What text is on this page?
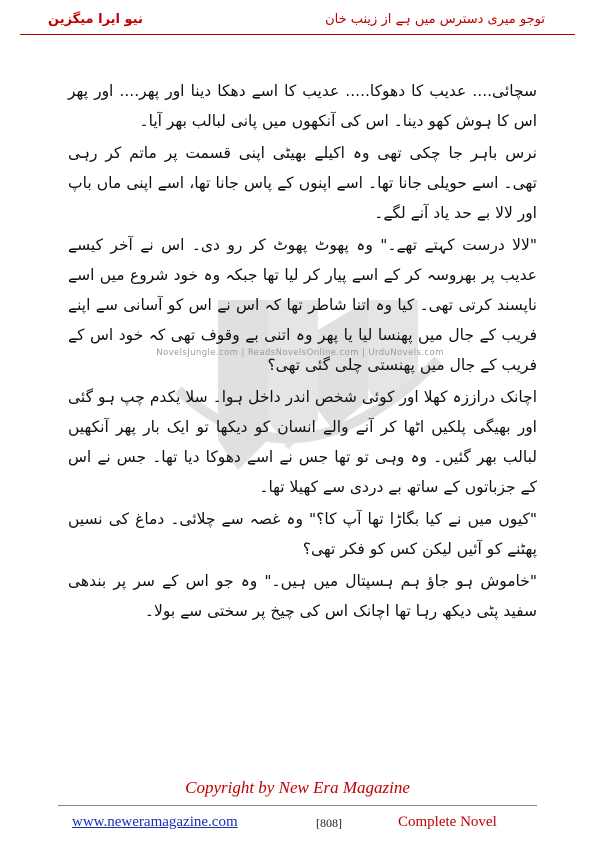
توجو میری دسترس میں ہے از زینب خان
نیو ایرا میگزین
NovelsJungle.com | ReadsNovelsOnline.com | UrduNovels.com

سچائی.... عدیب کا دھوکا..... عدیب کا اسے دھکا دینا اور پھر.... اور پھر اس کا ہوش کھو دینا۔ اس کی آنکھوں میں پانی لبالب بھر آیا۔

نرس باہر جا چکی تھی وہ اکیلے بھیٹی اپنی قسمت پر ماتم کر رہی تھی۔ اسے حویلی جانا تھا۔ اسے اپنوں کے پاس جانا تھا، اسے اپنی ماں باپ اور لالا بے حد یاد آنے لگے۔

"لالا درست کہتے تھے۔" وہ پھوٹ پھوٹ کر رو دی۔ اس نے آخر کیسے عدیب پر بھروسہ کر کے اسے پیار کر لیا تھا جبکہ وہ خود شروع میں اسے ناپسند کرتی تھی۔ کیا وہ اتنا شاطر تھا کہ اس نے اس کو آسانی سے اپنے فریب کے جال میں پھنسا لیا یا پھر وہ اتنی بے وقوف تھی کہ خود اس کے فریب کے جال میں پھنستی چلی گئی تھی؟

اچانک دراززہ کھلا اور کوئی شخص اندر داخل ہوا۔ سلا یکدم چپ ہو گئی اور بھیگی پلکیں اٹھا کر آنے والے انسان کو دیکھا تو ایک بار پھر آنکھیں لبالب بھر گئیں۔ وہ وہی تو تھا جس نے اسے دھوکا دیا تھا۔ جس نے اس کے جزباتوں کے ساتھ بے دردی سے کھیلا تھا۔

"کیوں میں نے کیا بگاڑا تھا آپ کا؟" وہ غصہ سے چلائی۔ دماغ کی نسیں پھٹنے کو آئیں لیکن کس کو فکر تھی؟

"خاموش ہو جاؤ ہم ہسپتال میں ہیں۔" وہ جو اس کے سر پر بندھی سفید پٹی دیکھ رہا تھا اچانک اس کی چیخ پر سختی سے بولا۔

Copyright by New Era Magazine
www.neweramagazine.com	[808]	Complete Novel
